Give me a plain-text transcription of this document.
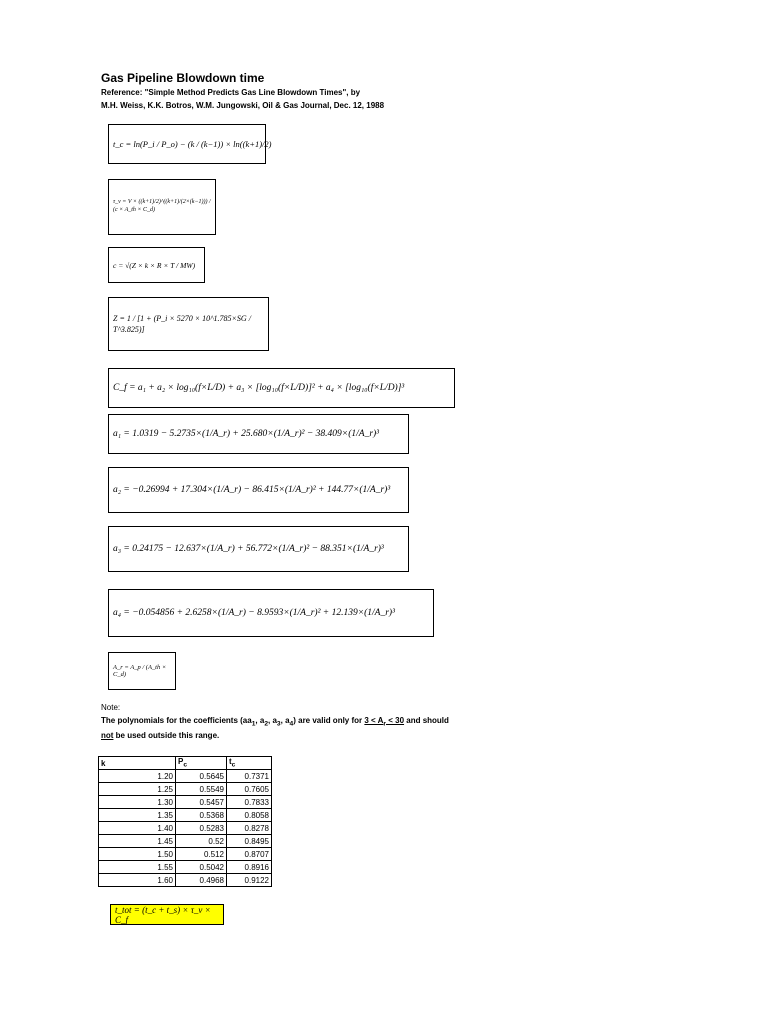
Gas Pipeline Blowdown time
Reference: "Simple Method Predicts Gas Line Blowdown Times", by
M.H. Weiss, K.K. Botros, W.M. Jungowski, Oil & Gas Journal, Dec. 12, 1988
t_c = ln(P_i / P_o) − (k / (k−1)) × ln((k+1)/2)
τ_v = V × ((k+1)/2)^((k+1)/(2×(k−1))) / (c × A_th × C_d)
c = √(Z × k × R × T / MW)
Z = 1 / [1 + (P_i × 5270 × 10^1.785×SG / T^3.825)]
C_f = a₁ + a₂ × log₁₀(f×L/D) + a₃ × [log₁₀(f×L/D)]² + a₄ × [log₁₀(f×L/D)]³
a₁ = 1.0319 − 5.2735×(1/A_r) + 25.680×(1/A_r)² − 38.409×(1/A_r)³
a₂ = −0.26994 + 17.304×(1/A_r) − 86.415×(1/A_r)² + 144.77×(1/A_r)³
a₃ = 0.24175 − 12.637×(1/A_r) + 56.772×(1/A_r)² − 88.351×(1/A_r)³
a₄ = −0.054856 + 2.6258×(1/A_r) − 8.9593×(1/A_r)² + 12.139×(1/A_r)³
A_r = A_p / (A_th × C_d)
Note:
The polynomials for the coefficients ($aa_1$, $a_2$, $a_3$, $a_4$) are valid only for $3 < A_r < 30$ and should
not be used outside this range.
k	$P_c$	$t_c$
1.20	0.5645	0.7371
1.25	0.5549	0.7605
1.30	0.5457	0.7833
1.35	0.5368	0.8058
1.40	0.5283	0.8278
1.45	0.52	0.8495
1.50	0.512	0.8707
1.55	0.5042	0.8916
1.60	0.4968	0.9122
t_tot = (t_c + t_s) × τ_v × C_f
